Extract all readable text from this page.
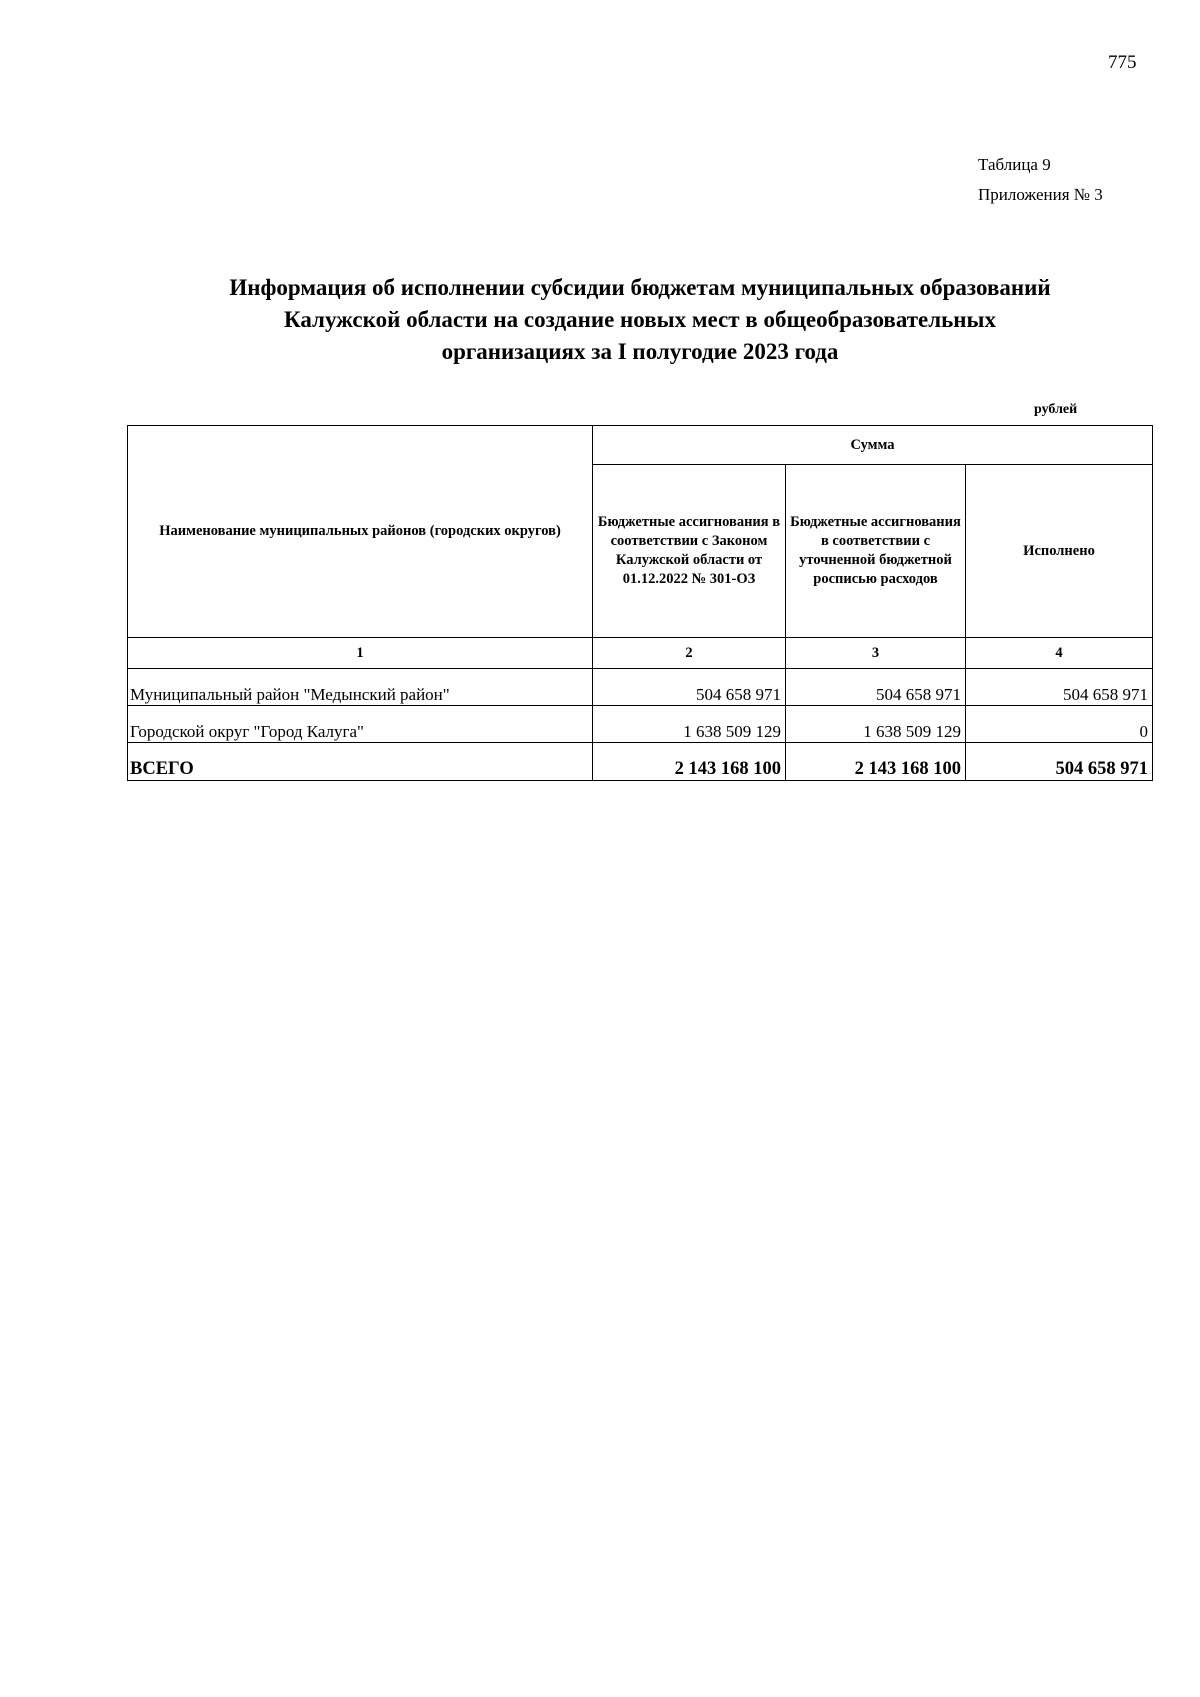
775
Таблица 9
Приложения № 3
Информация об исполнении субсидии бюджетам муниципальных образований
Калужской области на создание новых мест в общеобразовательных
организациях за I полугодие 2023 года
рублей
Наименование муниципальных районов (городских округов)	Сумма		
	Бюджетные ассигнования в соответствии с Законом Калужской области от 01.12.2022 № 301-ОЗ	Бюджетные ассигнования в соответствии с уточненной бюджетной росписью расходов	Исполнено
1	2	3	4
Муниципальный район "Медынский район"	504 658 971	504 658 971	504 658 971
Городской округ "Город Калуга"	1 638 509 129	1 638 509 129	0
ВСЕГО	2 143 168 100	2 143 168 100	504 658 971
